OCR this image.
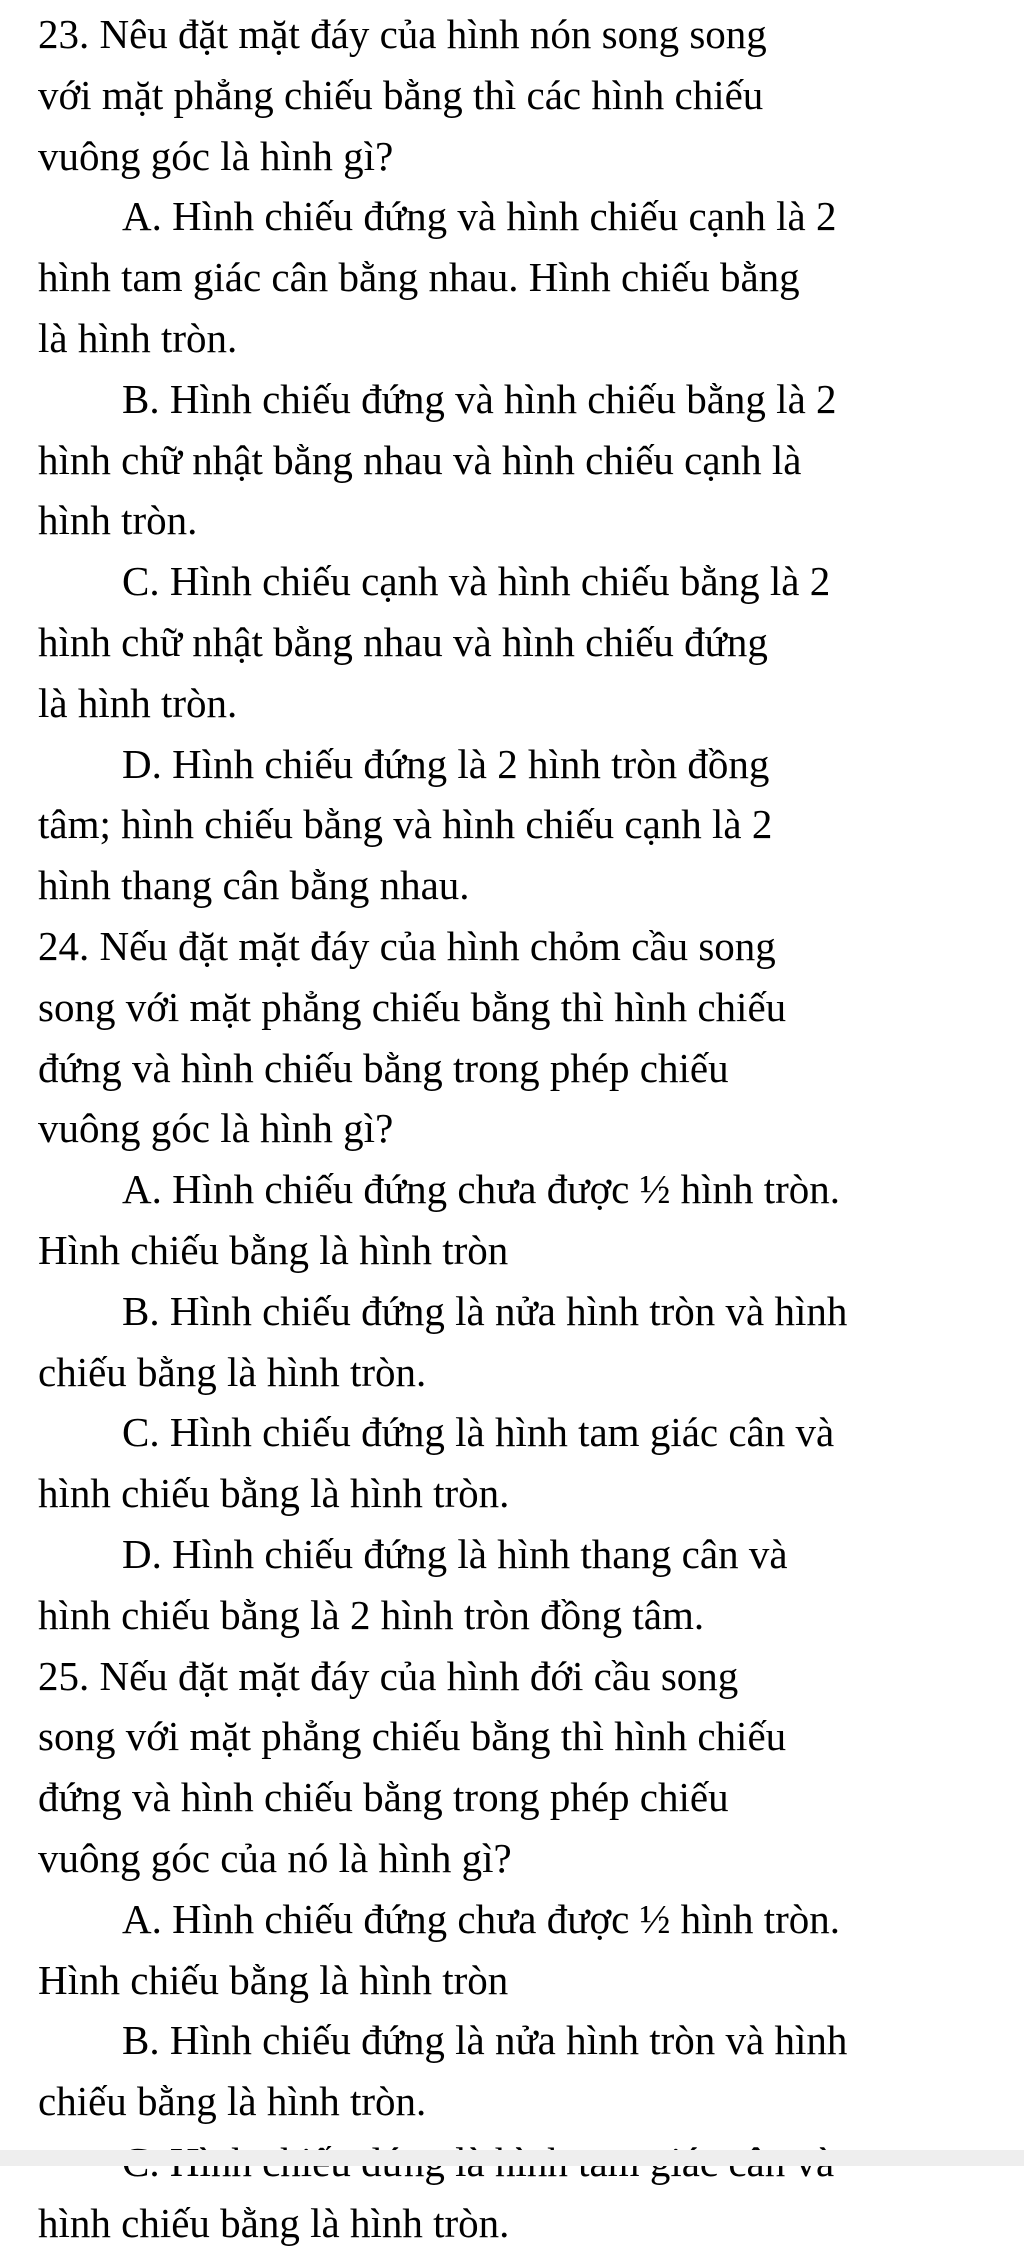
23. Nêu đặt mặt đáy của hình nón song song
với mặt phẳng chiếu bằng thì các hình chiếu
vuông góc là hình gì?
A. Hình chiếu đứng và hình chiếu cạnh là 2
hình tam giác cân bằng nhau. Hình chiếu bằng
là hình tròn.
B. Hình chiếu đứng và hình chiếu bằng là 2
hình chữ nhật bằng nhau và hình chiếu cạnh là
hình tròn.
C. Hình chiếu cạnh và hình chiếu bằng là 2
hình chữ nhật bằng nhau và hình chiếu đứng
là hình tròn.
D. Hình chiếu đứng là 2 hình tròn đồng
tâm; hình chiếu bằng và hình chiếu cạnh là 2
hình thang cân bằng nhau.
24. Nếu đặt mặt đáy của hình chỏm cầu song
song với mặt phẳng chiếu bằng thì hình chiếu
đứng và hình chiếu bằng trong phép chiếu
vuông góc là hình gì?
A. Hình chiếu đứng chưa được ½ hình tròn.
Hình chiếu bằng là hình tròn
B. Hình chiếu đứng là nửa hình tròn và hình
chiếu bằng là hình tròn.
C. Hình chiếu đứng là hình tam giác cân và
hình chiếu bằng là hình tròn.
D. Hình chiếu đứng là hình thang cân và
hình chiếu bằng là 2 hình tròn đồng tâm.
25. Nếu đặt mặt đáy của hình đới cầu song
song với mặt phẳng chiếu bằng thì hình chiếu
đứng và hình chiếu bằng trong phép chiếu
vuông góc của nó là hình gì?
A. Hình chiếu đứng chưa được ½ hình tròn.
Hình chiếu bằng là hình tròn
B. Hình chiếu đứng là nửa hình tròn và hình
chiếu bằng là hình tròn.
hình chiếu bằng là hình tròn.
